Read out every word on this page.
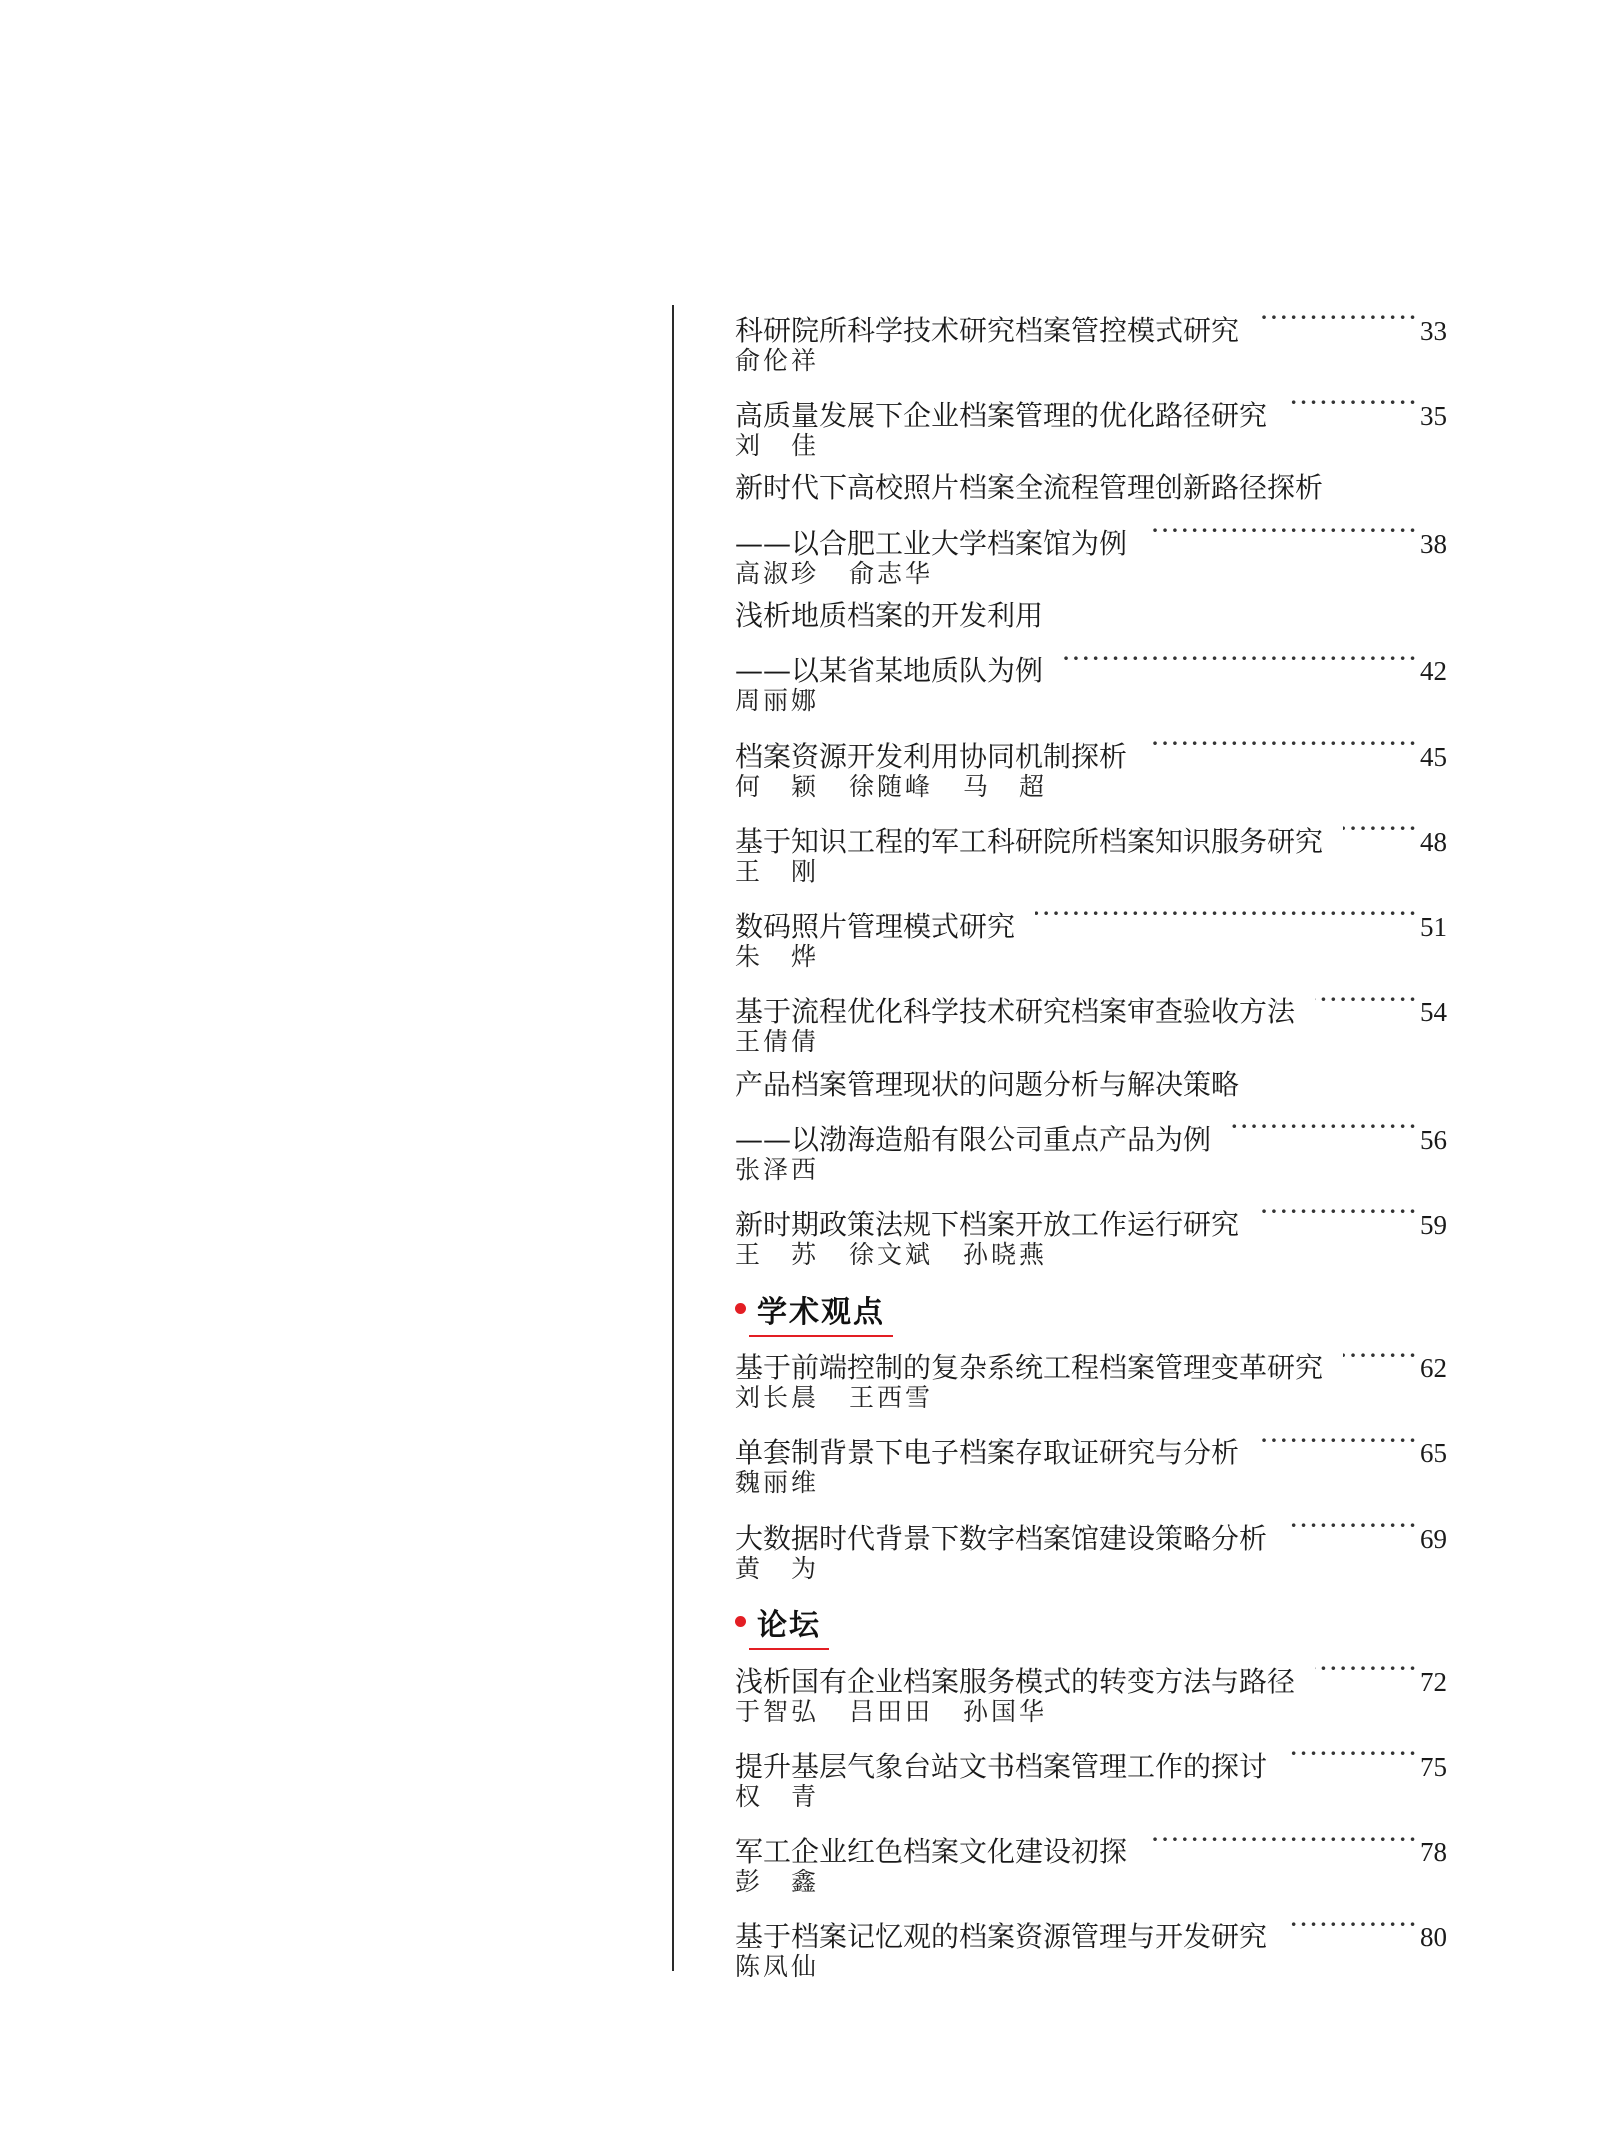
科研院所科学技术研究档案管控模式研究 ·····	33
俞伦祥
高质量发展下企业档案管理的优化路径研究 ·····	35
刘　佳
新时代下高校照片档案全流程管理创新路径探析
——以合肥工业大学档案馆为例 ·····	38
高淑珍 俞志华
浅析地质档案的开发利用
——以某省某地质队为例 ·····	42
周丽娜
档案资源开发利用协同机制探析 ·····	45
何　颖 徐随峰 马　超
基于知识工程的军工科研院所档案知识服务研究 ·····	48
王　刚
数码照片管理模式研究 ·····	51
朱　烨
基于流程优化科学技术研究档案审查验收方法 ·····	54
王倩倩
产品档案管理现状的问题分析与解决策略
——以渤海造船有限公司重点产品为例 ·····	56
张泽西
新时期政策法规下档案开放工作运行研究 ·····	59
王　苏 徐文斌 孙晓燕
学术观点
基于前端控制的复杂系统工程档案管理变革研究 ·····	62
刘长晨 王西雪
单套制背景下电子档案存取证研究与分析 ·····	65
魏丽维
大数据时代背景下数字档案馆建设策略分析 ·····	69
黄　为
论坛
浅析国有企业档案服务模式的转变方法与路径 ·····	72
于智弘 吕田田 孙国华
提升基层气象台站文书档案管理工作的探讨 ·····	75
权　青
军工企业红色档案文化建设初探 ·····	78
彭　鑫
基于档案记忆观的档案资源管理与开发研究 ·····	80
陈凤仙
